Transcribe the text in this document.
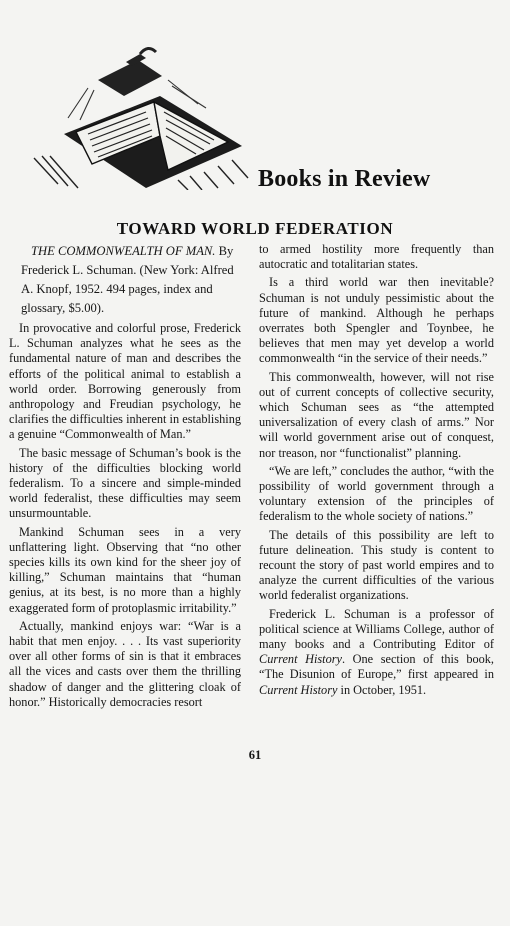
Books in Review
TOWARD WORLD FEDERATION

THE COMMONWEALTH OF MAN. By Frederick L. Schuman. (New York: Alfred A. Knopf, 1952. 494 pages, index and glossary, $5.00).

In provocative and colorful prose, Frederick L. Schuman analyzes what he sees as the fundamental nature of man and describes the efforts of the political animal to establish a world order. Borrowing generously from anthropology and Freudian psychology, he clarifies the difficulties inherent in establishing a genuine “Commonwealth of Man.”

The basic message of Schuman’s book is the history of the difficulties blocking world federalism. To a sincere and simple-minded world federalist, these difficulties may seem unsurmountable.

Mankind Schuman sees in a very unflattering light. Observing that “no other species kills its own kind for the sheer joy of killing,” Schuman maintains that “human genius, at its best, is no more than a highly exaggerated form of protoplasmic irritability.”

Actually, mankind enjoys war: “War is a habit that men enjoy. . . . Its vast superiority over all other forms of sin is that it embraces all the vices and casts over them the thrilling shadow of danger and the glittering cloak of honor.” Historically democracies resort

to armed hostility more frequently than autocratic and totalitarian states.

Is a third world war then inevitable? Schuman is not unduly pessimistic about the future of mankind. Although he perhaps overrates both Spengler and Toynbee, he believes that men may yet develop a world commonwealth “in the service of their needs.”

This commonwealth, however, will not rise out of current concepts of collective security, which Schuman sees as “the attempted universalization of every clash of arms.” Nor will world government arise out of conquest, nor treason, nor “functionalist” planning.

“We are left,” concludes the author, “with the possibility of world government through a voluntary extension of the principles of federalism to the whole society of nations.”

The details of this possibility are left to future delineation. This study is content to recount the story of past world empires and to analyze the current difficulties of the various world federalist organizations.

Frederick L. Schuman is a professor of political science at Williams College, author of many books and a Contributing Editor of Current History. One section of this book, “The Disunion of Europe,” first appeared in Current History in October, 1951.

61
